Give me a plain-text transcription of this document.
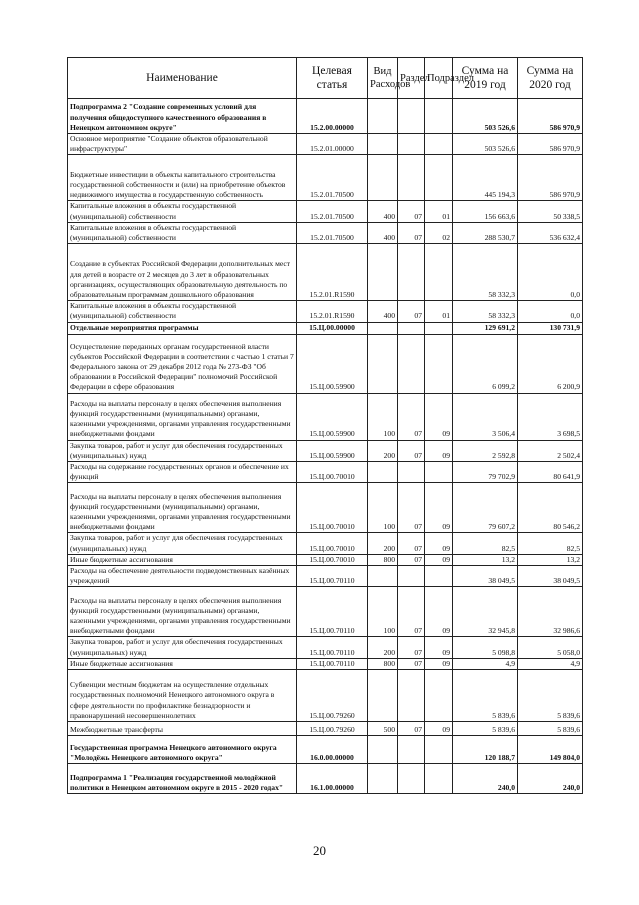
Наименование	Целевая статья	Вид Расходов	Раздел	Подраздел	Сумма на 2019 год	Сумма на 2020 год
Подпрограмма 2 "Создание современных условий для получения общедоступного качественного образования в Ненецком автономном округе"	15.2.00.00000				503 526,6	586 970,9
Основное мероприятие "Создание объектов образовательной инфраструктуры"	15.2.01.00000				503 526,6	586 970,9
Бюджетные инвестиции в объекты капитального строительства государственной собственности и (или) на приобретение объектов недвижимого имущества в государственную собственность	15.2.01.70500				445 194,3	586 970,9
Капитальные вложения в объекты государственной (муниципальной) собственности	15.2.01.70500	400	07	01	156 663,6	50 338,5
Капитальные вложения в объекты государственной (муниципальной) собственности	15.2.01.70500	400	07	02	288 530,7	536 632,4
Создание в субъектах Российской Федерации дополнительных мест для детей в возрасте от 2 месяцев до 3 лет в образовательных организациях, осуществляющих образовательную деятельность по образовательным программам дошкольного образования	15.2.01.R1590				58 332,3	0,0
Капитальные вложения в объекты государственной (муниципальной) собственности	15.2.01.R1590	400	07	01	58 332,3	0,0
Отдельные мероприятия программы	15.Ц.00.00000				129 691,2	130 731,9
Осуществление переданных органам государственной власти субъектов Российской Федерации в соответствии с частью 1 статьи 7 Федерального закона от 29 декабря 2012 года № 273-ФЗ "Об образовании в Российской Федерации" полномочий Российской Федерации в сфере образования	15.Ц.00.59900				6 099,2	6 200,9
Расходы на выплаты персоналу в целях обеспечения выполнения функций государственными (муниципальными) органами, казенными учреждениями, органами управления государственными внебюджетными фондами	15.Ц.00.59900	100	07	09	3 506,4	3 698,5
Закупка товаров, работ и услуг для обеспечения государственных (муниципальных) нужд	15.Ц.00.59900	200	07	09	2 592,8	2 502,4
Расходы на содержание государственных органов и обеспечение их функций	15.Ц.00.70010				79 702,9	80 641,9
Расходы на выплаты персоналу в целях обеспечения выполнения функций государственными (муниципальными) органами, казенными учреждениями, органами управления государственными внебюджетными фондами	15.Ц.00.70010	100	07	09	79 607,2	80 546,2
Закупка товаров, работ и услуг для обеспечения государственных (муниципальных) нужд	15.Ц.00.70010	200	07	09	82,5	82,5
Иные бюджетные ассигнования	15.Ц.00.70010	800	07	09	13,2	13,2
Расходы на обеспечение деятельности подведомственных казённых учреждений	15.Ц.00.70110				38 049,5	38 049,5
Расходы на выплаты персоналу в целях обеспечения выполнения функций государственными (муниципальными) органами, казенными учреждениями, органами управления государственными внебюджетными фондами	15.Ц.00.70110	100	07	09	32 945,8	32 986,6
Закупка товаров, работ и услуг для обеспечения государственных (муниципальных) нужд	15.Ц.00.70110	200	07	09	5 098,8	5 058,0
Иные бюджетные ассигнования	15.Ц.00.70110	800	07	09	4,9	4,9
Субвенции местным бюджетам на осуществление отдельных государственных полномочий Ненецкого автономного округа в сфере деятельности по профилактике безнадзорности и правонарушений несовершеннолетних	15.Ц.00.79260				5 839,6	5 839,6
Межбюджетные трансферты	15.Ц.00.79260	500	07	09	5 839,6	5 839,6
Государственная программа Ненецкого автономного округа "Молодёжь Ненецкого автономного округа"	16.0.00.00000				120 188,7	149 804,0
Подпрограмма 1 "Реализация государственной молодёжной политики в Ненецком автономном округе в 2015 - 2020 годах"	16.1.00.00000				240,0	240,0
20
